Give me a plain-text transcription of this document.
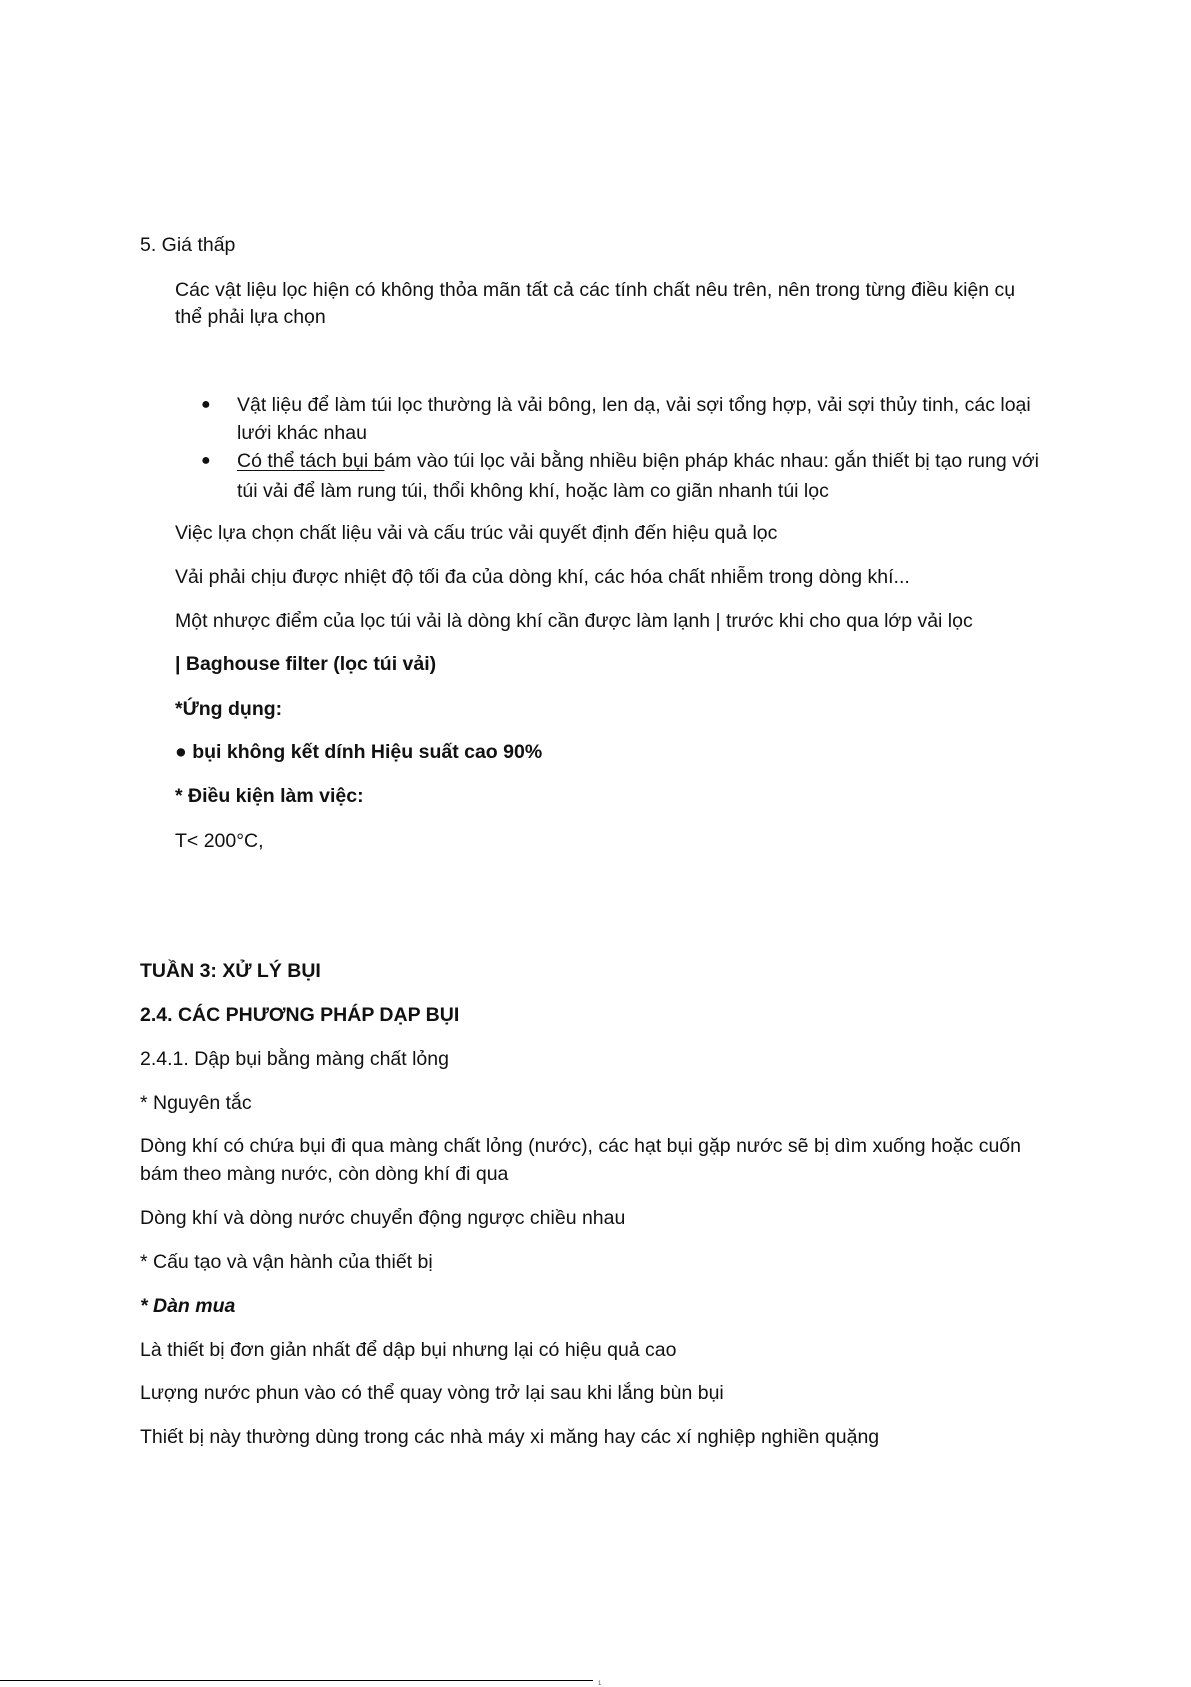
5. Giá thấp

Các vật liệu lọc hiện có không thỏa mãn tất cả các tính chất nêu trên, nên trong từng điều kiện cụ

thể phải lựa chọn

● Vật liệu để làm túi lọc thường là vải bông, len dạ, vải sợi tổng hợp, vải sợi thủy tinh, các loại

lưới khác nhau

● Có thể tách bụi bám vào túi lọc vải bằng nhiều biện pháp khác nhau: gắn thiết bị tạo rung với

túi vải để làm rung túi, thổi không khí, hoặc làm co giãn nhanh túi lọc

Việc lựa chọn chất liệu vải và cấu trúc vải quyết định đến hiệu quả lọc

Vải phải chịu được nhiệt độ tối đa của dòng khí, các hóa chất nhiễm trong dòng khí...

Một nhược điểm của lọc túi vải là dòng khí cần được làm lạnh | trước khi cho qua lớp vải lọc

| Baghouse filter (lọc túi vải)

*Ứng dụng:

● bụi không kết dính Hiệu suất cao 90%

* Điều kiện làm việc:

T< 200°C,

TUẦN 3: XỬ LÝ BỤI

2.4. CÁC PHƯƠNG PHÁP DẠP BỤI

2.4.1. Dập bụi bằng màng chất lỏng

* Nguyên tắc

Dòng khí có chứa bụi đi qua màng chất lỏng (nước), các hạt bụi gặp nước sẽ bị dìm xuống hoặc cuốn

bám theo màng nước, còn dòng khí đi qua

Dòng khí và dòng nước chuyển động ngược chiều nhau

* Cấu tạo và vận hành của thiết bị

* Dàn mua

Là thiết bị đơn giản nhất để dập bụi nhưng lại có hiệu quả cao

Lượng nước phun vào có thể quay vòng trở lại sau khi lắng bùn bụi

Thiết bị này thường dùng trong các nhà máy xi măng hay các xí nghiệp nghiền quặng

1
